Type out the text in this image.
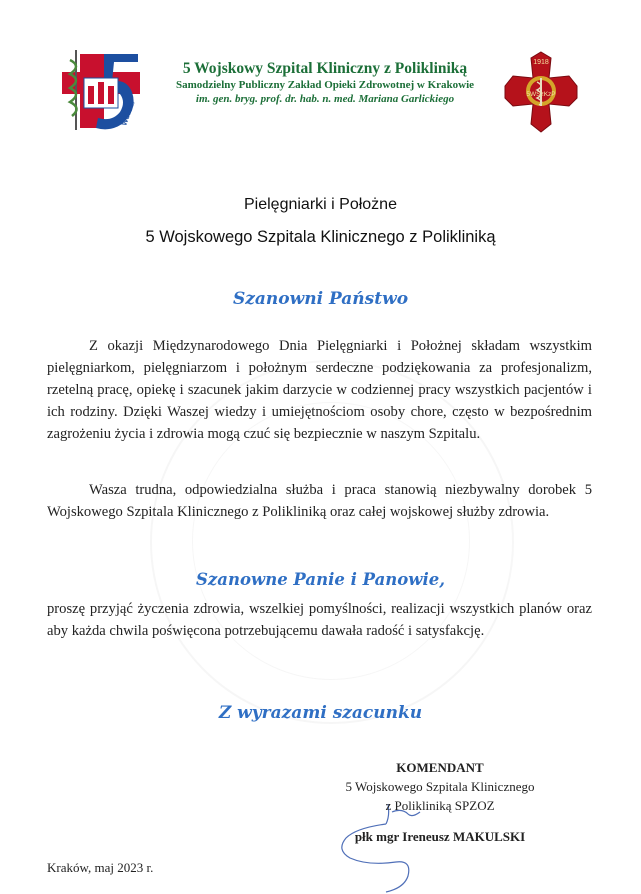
WSzKzP
5 Wojskowy Szpital Kliniczny z Polikliniką
Samodzielny Publiczny Zakład Opieki Zdrowotnej w Krakowie
im. gen. bryg. prof. dr. hab. n. med. Mariana Garlickiego
1918
5WSzKzP
Pielęgniarki i Położne
5 Wojskowego Szpitala Klinicznego z Polikliniką
Szanowni Państwo

Z okazji Międzynarodowego Dnia Pielęgniarki i Położnej składam wszystkim pielęgniarkom, pielęgniarzom i położnym serdeczne podziękowania za profesjonalizm, rzetelną pracę, opiekę i szacunek jakim darzycie w codziennej pracy wszystkich pacjentów i ich rodziny. Dzięki Waszej wiedzy i umiejętnościom osoby chore, często w bezpośrednim zagrożeniu życia i zdrowia mogą czuć się bezpiecznie w naszym Szpitalu.

Wasza trudna, odpowiedzialna służba i praca stanowią niezbywalny dorobek 5 Wojskowego Szpitala Klinicznego z Polikliniką oraz całej wojskowej służby zdrowia.

Szanowne Panie i Panowie,

proszę przyjąć życzenia zdrowia, wszelkiej pomyślności, realizacji wszystkich planów oraz aby każda chwila poświęcona potrzebującemu dawała radość i satysfakcję.

Z wyrazami szacunku
KOMENDANT
5 Wojskowego Szpitala Klinicznego
z Polikliniką SPZOZ
płk mgr Ireneusz MAKULSKI
Kraków, maj 2023 r.
